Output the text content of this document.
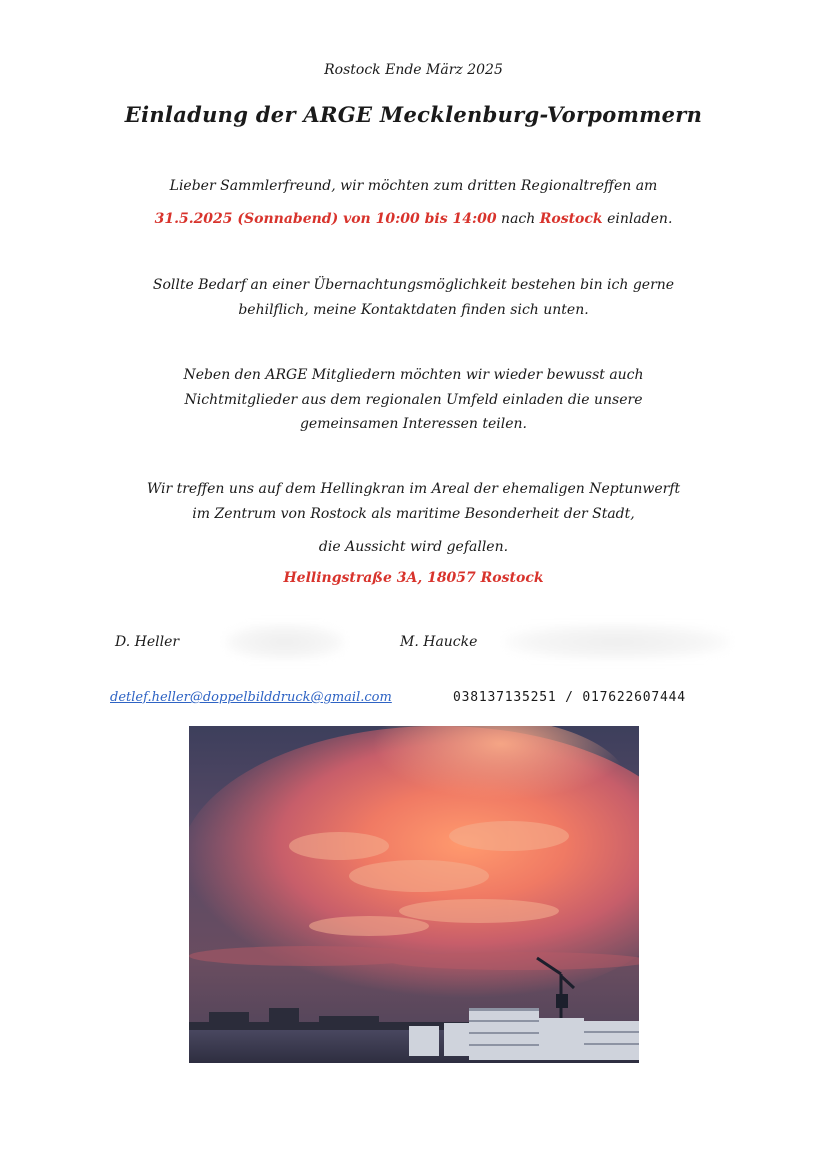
Rostock Ende März 2025
Einladung der ARGE Mecklenburg-Vorpommern
Lieber Sammlerfreund, wir möchten zum dritten Regionaltreffen am
31.5.2025 (Sonnabend) von 10:00 bis 14:00 nach Rostock einladen.
Sollte Bedarf an einer Übernachtungsmöglichkeit bestehen bin ich gerne
behilflich, meine Kontaktdaten finden sich unten.
Neben den ARGE Mitgliedern möchten wir wieder bewusst auch
Nichtmitglieder aus dem regionalen Umfeld einladen die unsere
gemeinsamen Interessen teilen.
Wir treffen uns auf dem Hellingkran im Areal der ehemaligen Neptunwerft
im Zentrum von Rostock als maritime Besonderheit der Stadt,
die Aussicht wird gefallen.
Hellingstraße 3A, 18057 Rostock
D. Heller	M. Haucke
detlef.heller@doppelbilddruck@gmail.com	038137135251 / 017622607444
